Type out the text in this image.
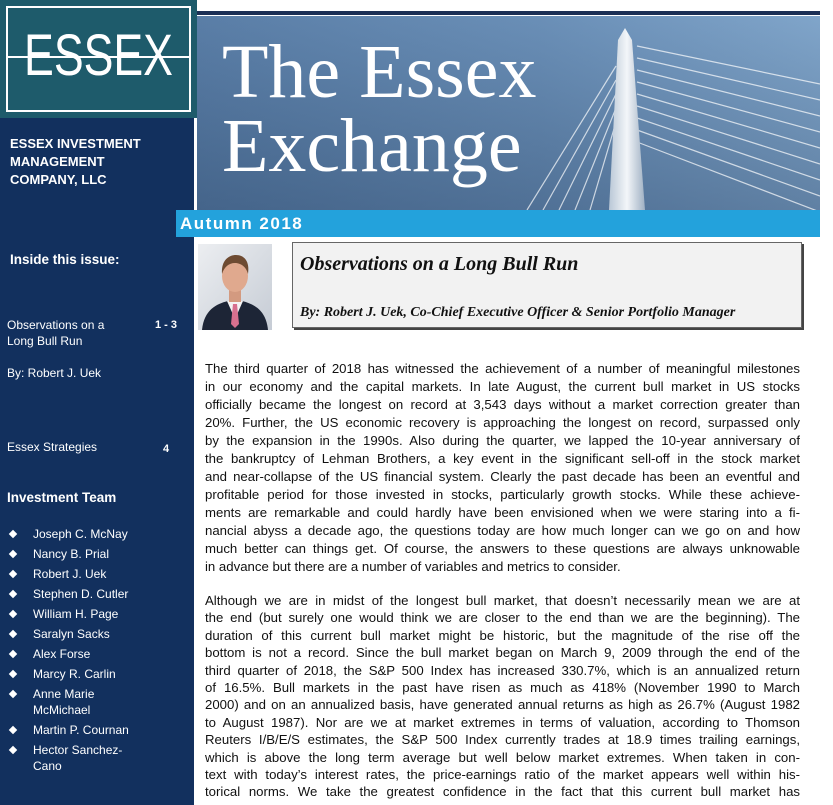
ESSEX
ESSEX INVESTMENT
MANAGEMENT
COMPANY, LLC
Inside this issue:
Observations on a Long Bull Run
1 - 3
By: Robert J. Uek
Essex Strategies	4
Investment Team
Joseph C. McNay
Nancy B. Prial
Robert J. Uek
Stephen D. Cutler
William H. Page
Saralyn Sacks
Alex Forse
Marcy R. Carlin
Anne Marie McMichael
Martin P. Cournan
Hector Sanchez-Cano
The Essex
Exchange
Autumn 2018
Observations on a Long Bull Run
By: Robert J. Uek, Co-Chief Executive Officer & Senior Portfolio Manager
The third quarter of 2018 has witnessed the achievement of a number of meaningful milestones
in our economy and the capital markets. In late August, the current bull market in US stocks
officially became the longest on record at 3,543 days without a market correction greater than
20%. Further, the US economic recovery is approaching the longest on record, surpassed only
by the expansion in the 1990s. Also during the quarter, we lapped the 10-year anniversary of
the bankruptcy of Lehman Brothers, a key event in the significant sell-off in the stock market
and near-collapse of the US financial system. Clearly the past decade has been an eventful and
profitable period for those invested in stocks, particularly growth stocks. While these achieve-
ments are remarkable and could hardly have been envisioned when we were staring into a fi-
nancial abyss a decade ago, the questions today are how much longer can we go on and how
much better can things get. Of course, the answers to these questions are always unknowable
in advance but there are a number of variables and metrics to consider.
Although we are in midst of the longest bull market, that doesn’t necessarily mean we are at
the end (but surely one would think we are closer to the end than we are the beginning). The
duration of this current bull market might be historic, but the magnitude of the rise off the
bottom is not a record. Since the bull market began on March 9, 2009 through the end of the
third quarter of 2018, the S&P 500 Index has increased 330.7%, which is an annualized return
of 16.5%. Bull markets in the past have risen as much as 418% (November 1990 to March
2000) and on an annualized basis, have generated annual returns as high as 26.7% (August 1982
to August 1987). Nor are we at market extremes in terms of valuation, according to Thomson
Reuters I/B/E/S estimates, the S&P 500 Index currently trades at 18.9 times trailing earnings,
which is above the long term average but well below market extremes. When taken in con-
text with today’s interest rates, the price-earnings ratio of the market appears well within his-
torical norms. We take the greatest confidence in the fact that this current bull market has
